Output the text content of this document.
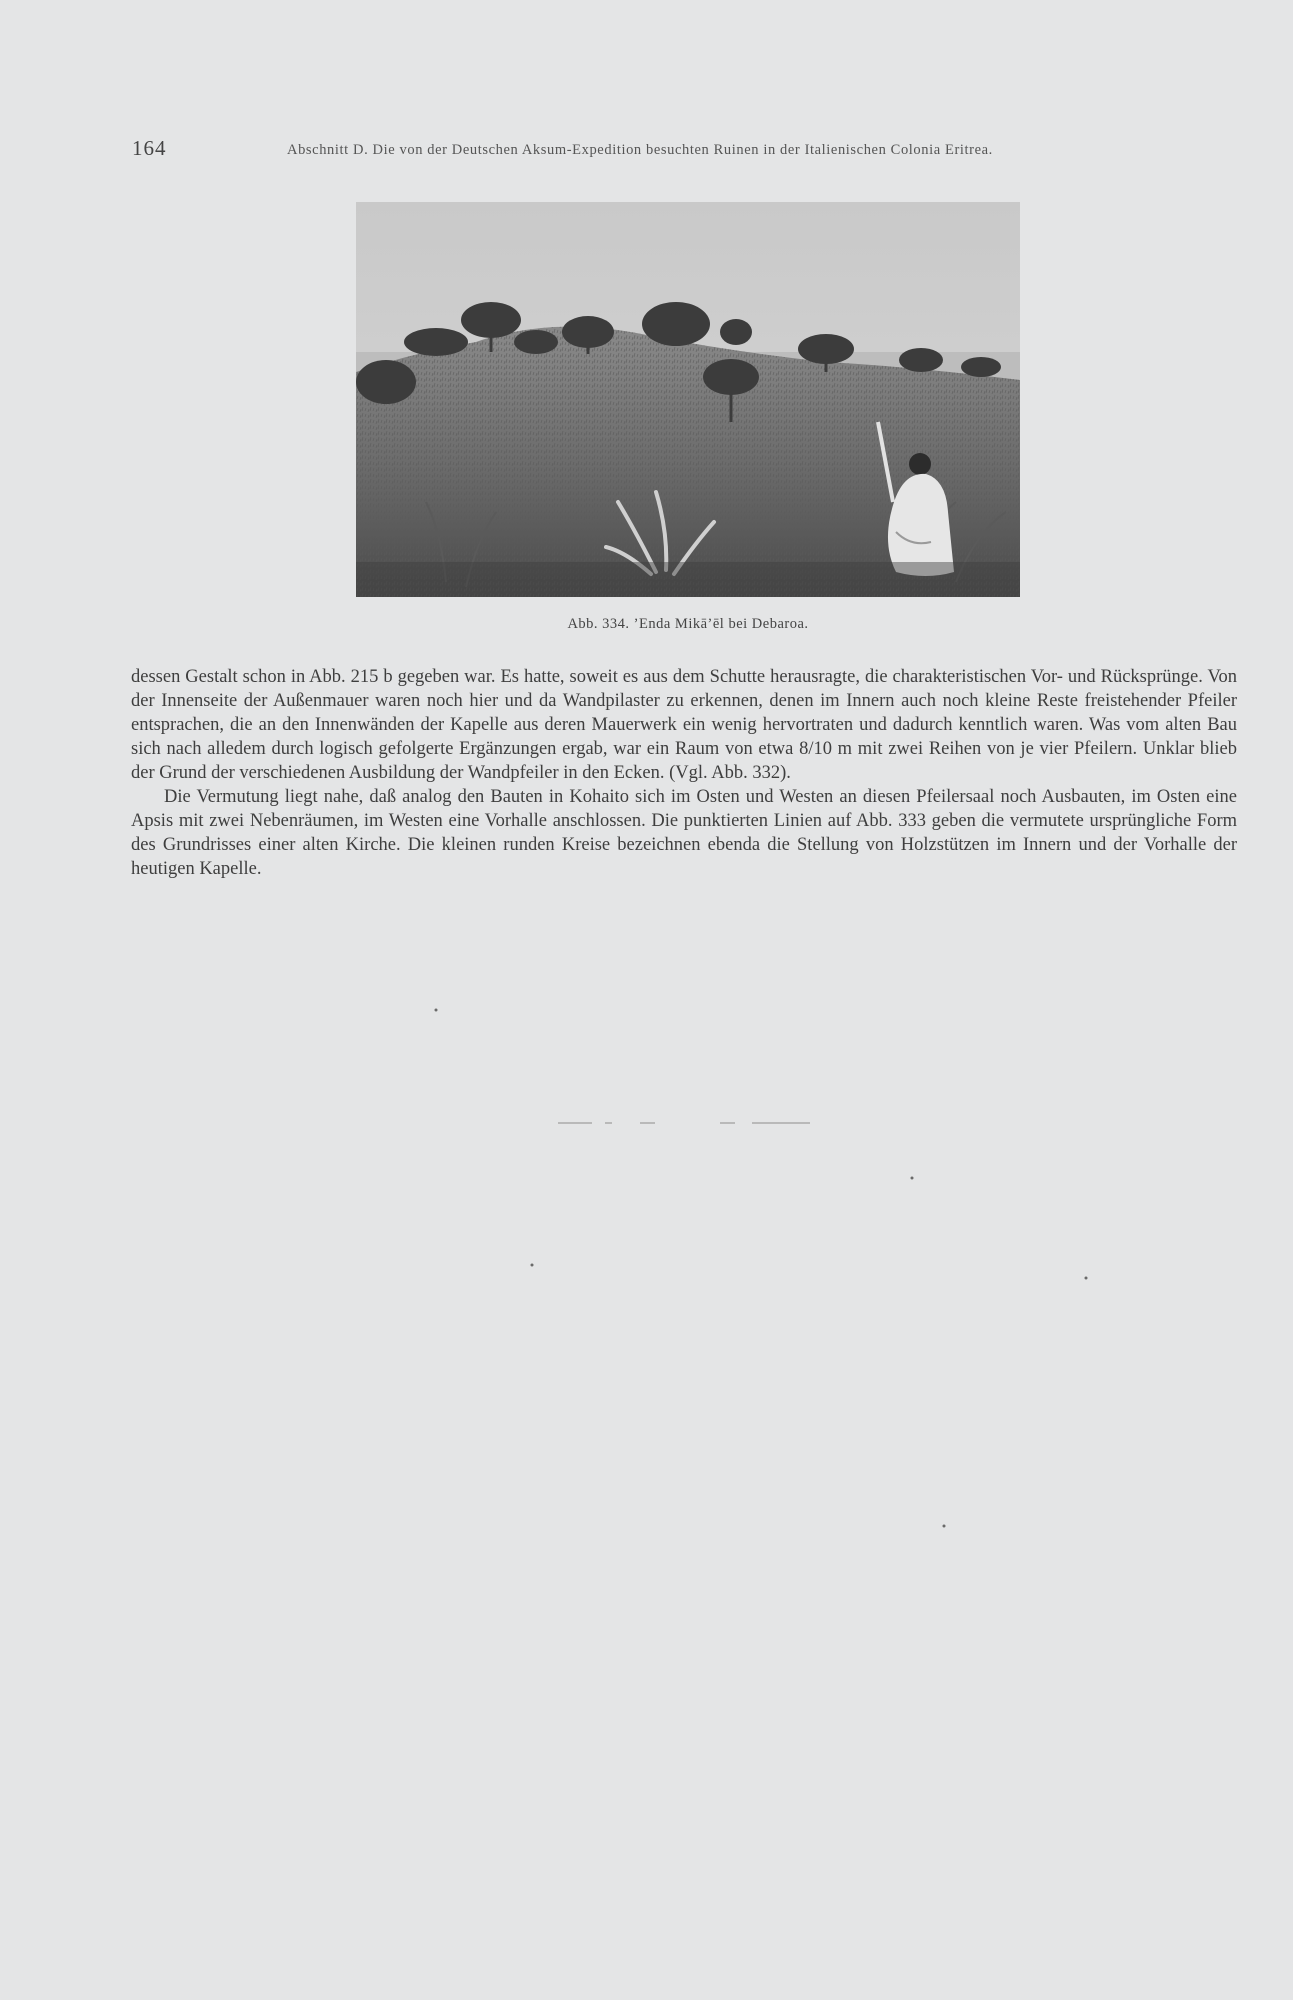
164	Abschnitt D. Die von der Deutschen Aksum-Expedition besuchten Ruinen in der Italienischen Colonia Eritrea.
Abb. 334. ’Enda Mikā’ēl bei Debaroa.

dessen Gestalt schon in Abb. 215 b gegeben war. Es hatte, soweit es aus dem Schutte herausragte, die charakteristischen Vor- und Rücksprünge. Von der Innenseite der Außenmauer waren noch hier und da Wandpilaster zu erkennen, denen im Innern auch noch kleine Reste freistehender Pfeiler entsprachen, die an den Innenwänden der Kapelle aus deren Mauerwerk ein wenig hervortraten und dadurch kenntlich waren. Was vom alten Bau sich nach alledem durch logisch gefolgerte Ergänzungen ergab, war ein Raum von etwa 8/10 m mit zwei Reihen von je vier Pfeilern. Unklar blieb der Grund der verschiedenen Ausbildung der Wandpfeiler in den Ecken. (Vgl. Abb. 332).

Die Vermutung liegt nahe, daß analog den Bauten in Kohaito sich im Osten und Westen an diesen Pfeilersaal noch Ausbauten, im Osten eine Apsis mit zwei Nebenräumen, im Westen eine Vorhalle anschlossen. Die punktierten Linien auf Abb. 333 geben die vermutete ursprüngliche Form des Grundrisses einer alten Kirche. Die kleinen runden Kreise bezeichnen ebenda die Stellung von Holzstützen im Innern und der Vorhalle der heutigen Kapelle.
